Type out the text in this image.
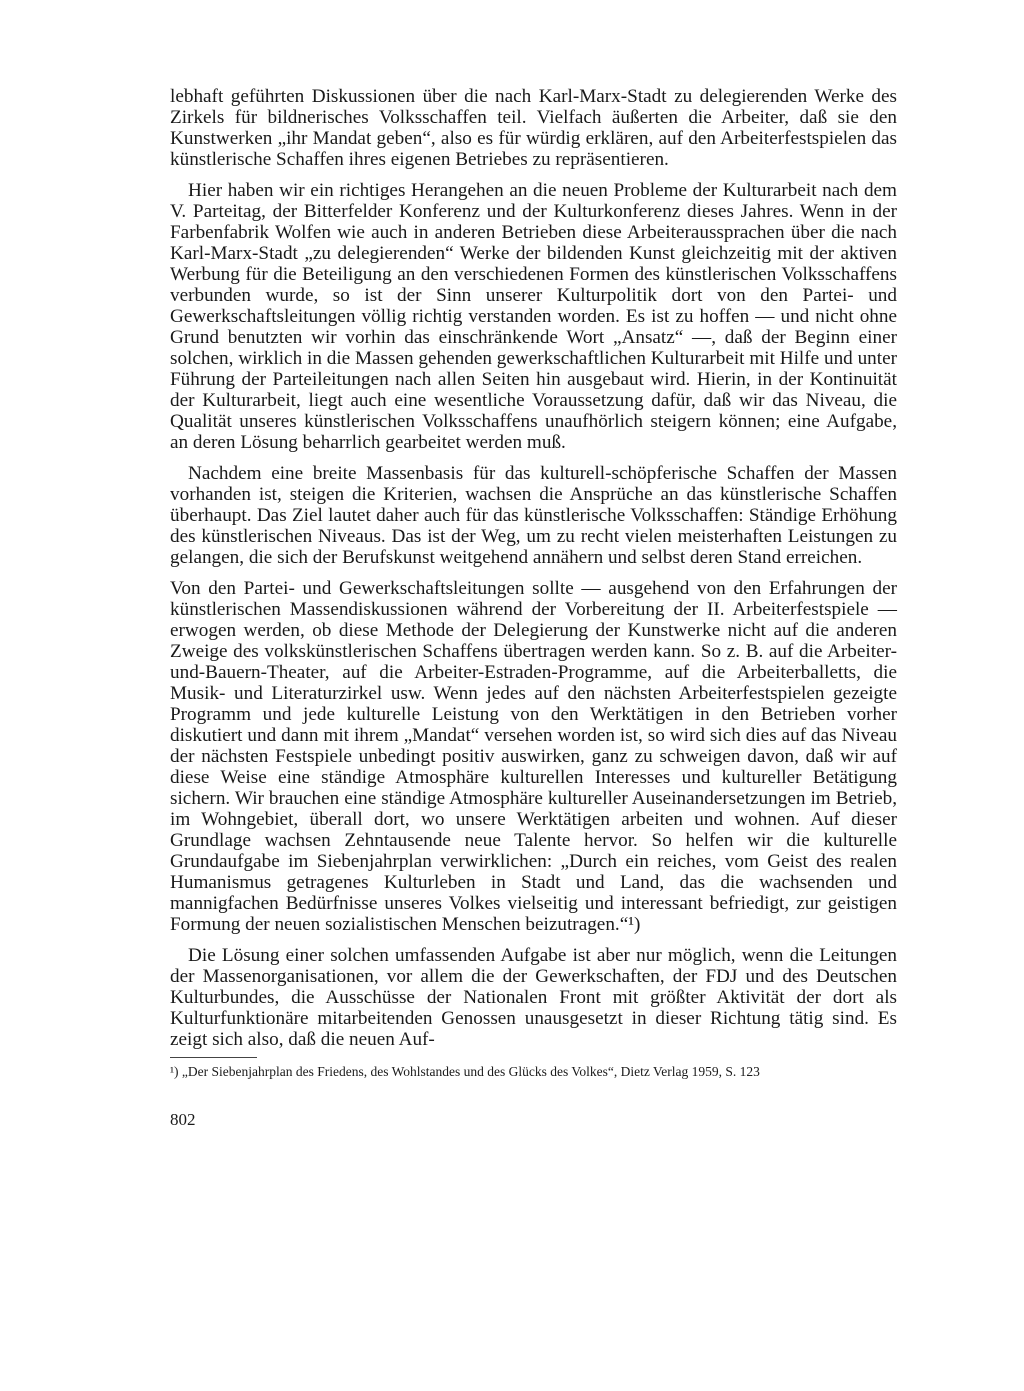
lebhaft geführten Diskussionen über die nach Karl-Marx-Stadt zu delegierenden Werke des Zirkels für bildnerisches Volksschaffen teil. Vielfach äußerten die Arbeiter, daß sie den Kunstwerken „ihr Mandat geben“, also es für würdig erklären, auf den Arbeiterfestspielen das künstlerische Schaffen ihres eigenen Betriebes zu repräsentieren.

Hier haben wir ein richtiges Herangehen an die neuen Probleme der Kulturarbeit nach dem V. Parteitag, der Bitterfelder Konferenz und der Kulturkonferenz dieses Jahres. Wenn in der Farbenfabrik Wolfen wie auch in anderen Betrieben diese Arbeiteraussprachen über die nach Karl-Marx-Stadt „zu delegierenden“ Werke der bildenden Kunst gleichzeitig mit der aktiven Werbung für die Beteiligung an den verschiedenen Formen des künstlerischen Volksschaffens verbunden wurde, so ist der Sinn unserer Kulturpolitik dort von den Partei- und Gewerkschaftsleitungen völlig richtig verstanden worden. Es ist zu hoffen — und nicht ohne Grund benutzten wir vorhin das einschränkende Wort „Ansatz“ —, daß der Beginn einer solchen, wirklich in die Massen gehenden gewerkschaftlichen Kulturarbeit mit Hilfe und unter Führung der Parteileitungen nach allen Seiten hin ausgebaut wird. Hierin, in der Kontinuität der Kulturarbeit, liegt auch eine wesentliche Voraussetzung dafür, daß wir das Niveau, die Qualität unseres künstlerischen Volksschaffens unaufhörlich steigern können; eine Aufgabe, an deren Lösung beharrlich gearbeitet werden muß.

Nachdem eine breite Massenbasis für das kulturell-schöpferische Schaffen der Massen vorhanden ist, steigen die Kriterien, wachsen die Ansprüche an das künstlerische Schaffen überhaupt. Das Ziel lautet daher auch für das künstlerische Volksschaffen: Ständige Erhöhung des künstlerischen Niveaus. Das ist der Weg, um zu recht vielen meisterhaften Leistungen zu gelangen, die sich der Berufskunst weitgehend annähern und selbst deren Stand erreichen.

Von den Partei- und Gewerkschaftsleitungen sollte — ausgehend von den Erfahrungen der künstlerischen Massendiskussionen während der Vorbereitung der II. Arbeiterfestspiele — erwogen werden, ob diese Methode der Delegierung der Kunstwerke nicht auf die anderen Zweige des volkskünstlerischen Schaffens übertragen werden kann. So z. B. auf die Arbeiter-und-Bauern-Theater, auf die Arbeiter-Estraden-Programme, auf die Arbeiterballetts, die Musik- und Literaturzirkel usw. Wenn jedes auf den nächsten Arbeiterfestspielen gezeigte Programm und jede kulturelle Leistung von den Werktätigen in den Betrieben vorher diskutiert und dann mit ihrem „Mandat“ versehen worden ist, so wird sich dies auf das Niveau der nächsten Festspiele unbedingt positiv auswirken, ganz zu schweigen davon, daß wir auf diese Weise eine ständige Atmosphäre kulturellen Interesses und kultureller Betätigung sichern. Wir brauchen eine ständige Atmosphäre kultureller Auseinandersetzungen im Betrieb, im Wohngebiet, überall dort, wo unsere Werktätigen arbeiten und wohnen. Auf dieser Grundlage wachsen Zehntausende neue Talente hervor. So helfen wir die kulturelle Grundaufgabe im Siebenjahrplan verwirklichen: „Durch ein reiches, vom Geist des realen Humanismus getragenes Kulturleben in Stadt und Land, das die wachsenden und mannigfachen Bedürfnisse unseres Volkes vielseitig und interessant befriedigt, zur geistigen Formung der neuen sozialistischen Menschen beizutragen.“¹)

Die Lösung einer solchen umfassenden Aufgabe ist aber nur möglich, wenn die Leitungen der Massenorganisationen, vor allem die der Gewerkschaften, der FDJ und des Deutschen Kulturbundes, die Ausschüsse der Nationalen Front mit größter Aktivität der dort als Kulturfunktionäre mitarbeitenden Genossen unausgesetzt in dieser Richtung tätig sind. Es zeigt sich also, daß die neuen Auf-

¹) „Der Siebenjahrplan des Friedens, des Wohlstandes und des Glücks des Volkes“, Dietz Verlag 1959, S. 123

802
